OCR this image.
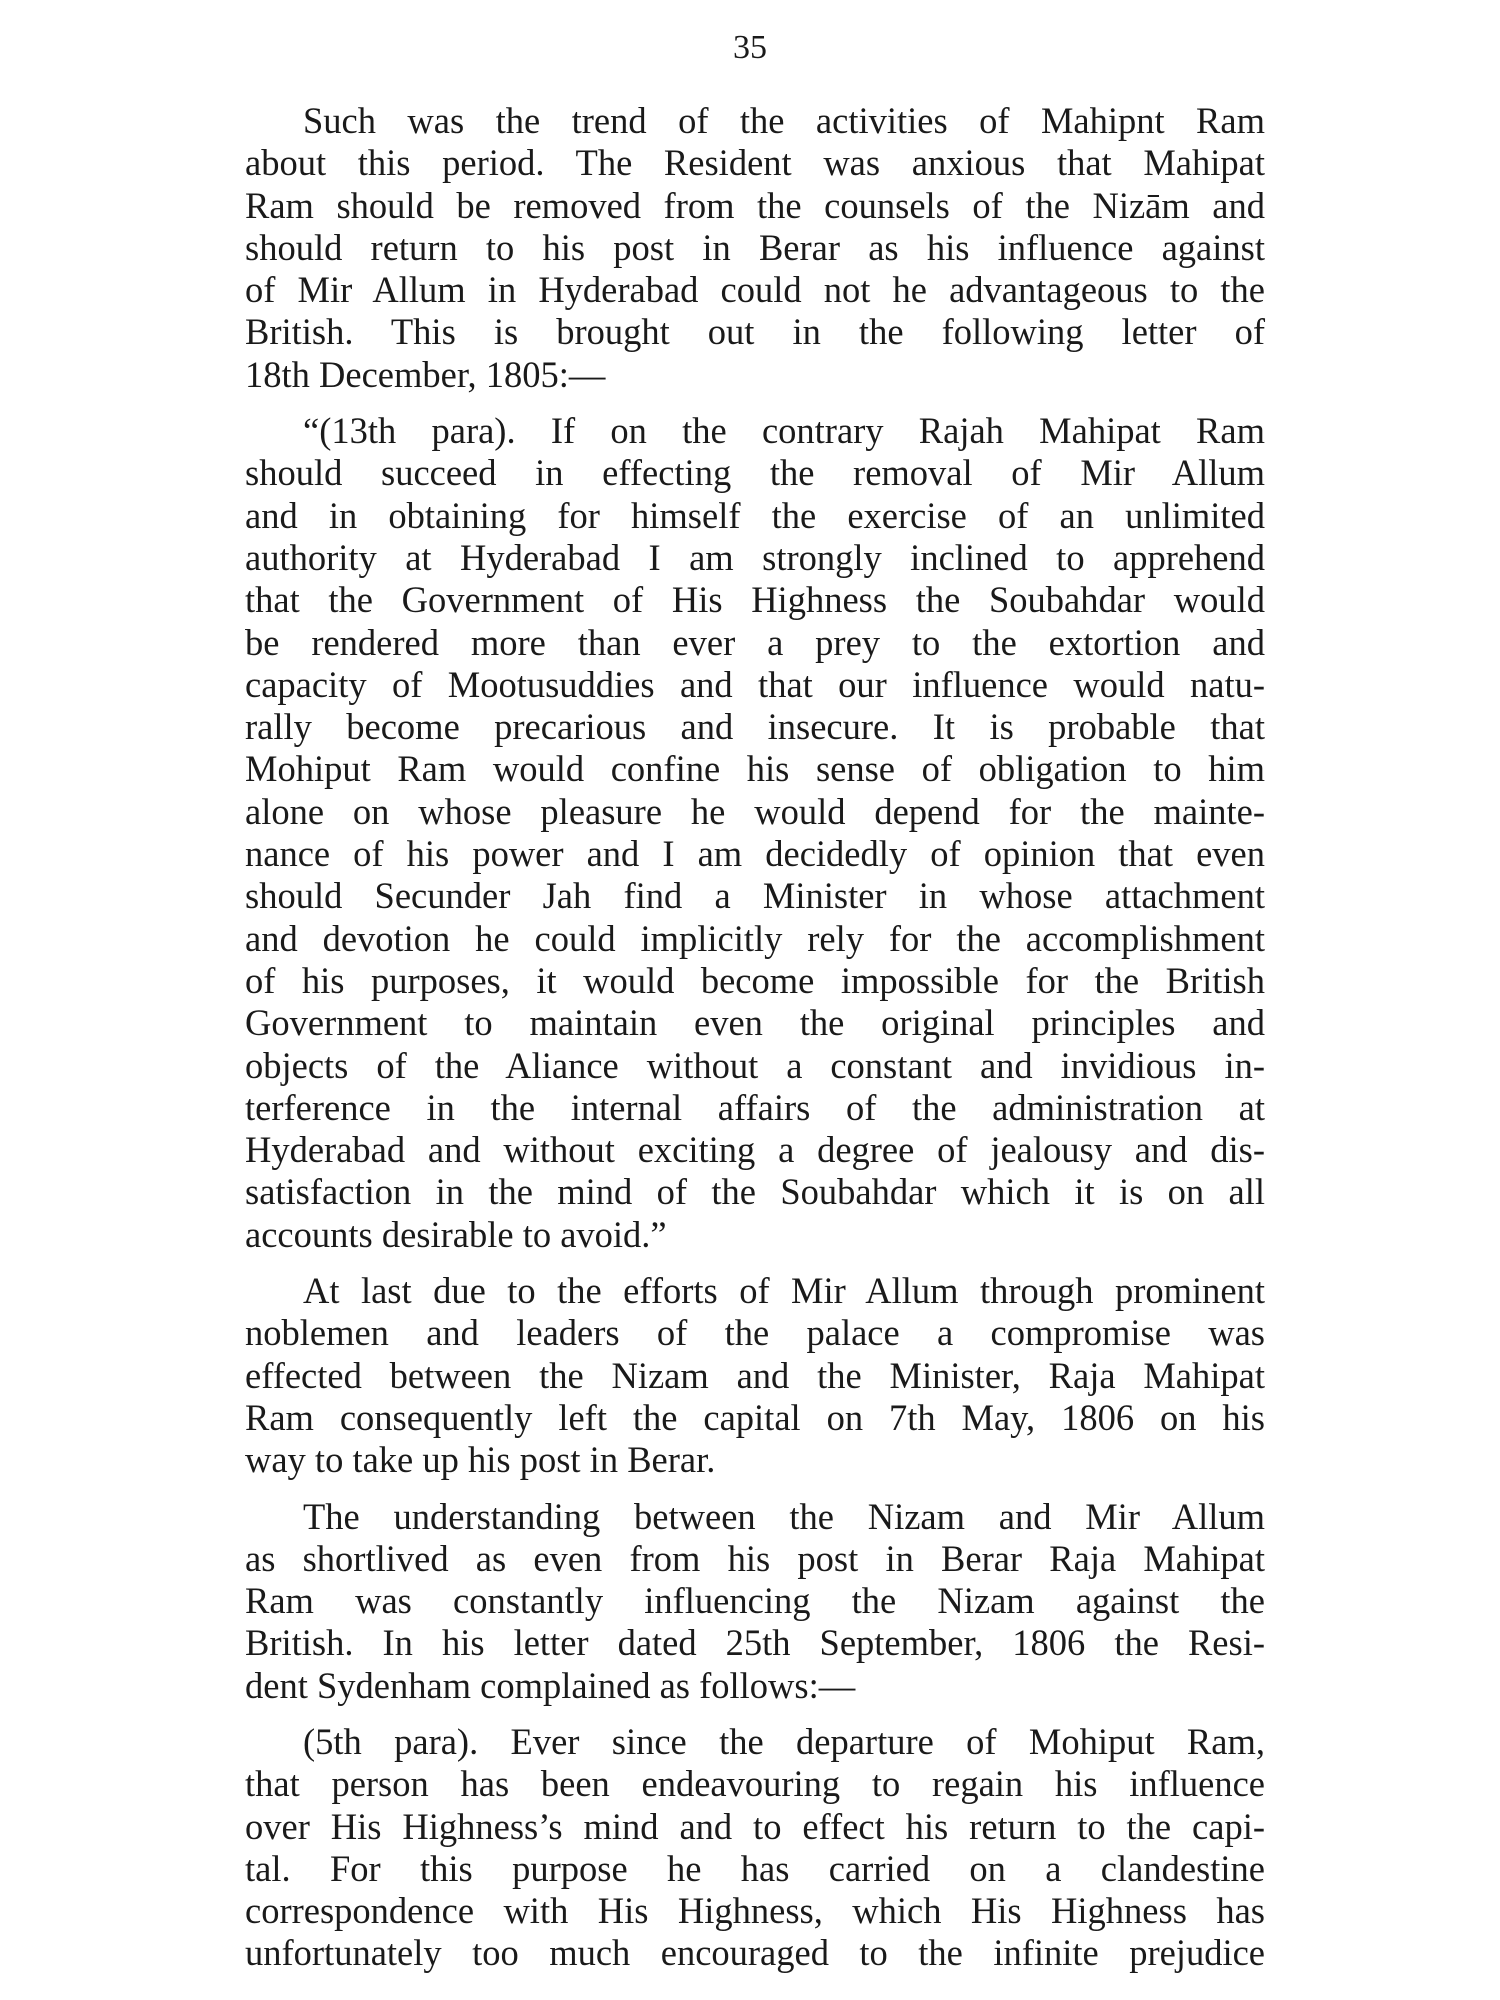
35

Such was the trend of the activities of Mahipnt Ram
about this period. The Resident was anxious that Mahipat
Ram should be removed from the counsels of the Nizām and
should return to his post in Berar as his influence against
of Mir Allum in Hyderabad could not he advantageous to the
British. This is brought out in the following letter of
18th December, 1805:—

“(13th para). If on the contrary Rajah Mahipat Ram
should succeed in effecting the removal of Mir Allum
and in obtaining for himself the exercise of an unlimited
authority at Hyderabad I am strongly inclined to apprehend
that the Government of His Highness the Soubahdar would
be rendered more than ever a prey to the extortion and
capacity of Mootusuddies and that our influence would natu-
rally become precarious and insecure. It is probable that
Mohiput Ram would confine his sense of obligation to him
alone on whose pleasure he would depend for the mainte-
nance of his power and I am decidedly of opinion that even
should Secunder Jah find a Minister in whose attachment
and devotion he could implicitly rely for the accomplishment
of his purposes, it would become impossible for the British
Government to maintain even the original principles and
objects of the Aliance without a constant and invidious in-
terference in the internal affairs of the administration at
Hyderabad and without exciting a degree of jealousy and dis-
satisfaction in the mind of the Soubahdar which it is on all
accounts desirable to avoid.”

At last due to the efforts of Mir Allum through prominent
noblemen and leaders of the palace a compromise was
effected between the Nizam and the Minister, Raja Mahipat
Ram consequently left the capital on 7th May, 1806 on his
way to take up his post in Berar.

The understanding between the Nizam and Mir Allum
as shortlived as even from his post in Berar Raja Mahipat
Ram was constantly influencing the Nizam against the
British. In his letter dated 25th September, 1806 the Resi-
dent Sydenham complained as follows:—

(5th para). Ever since the departure of Mohiput Ram,
that person has been endeavouring to regain his influence
over His Highness’s mind and to effect his return to the capi-
tal. For this purpose he has carried on a clandestine
correspondence with His Highness, which His Highness has
unfortunately too much encouraged to the infinite prejudice
